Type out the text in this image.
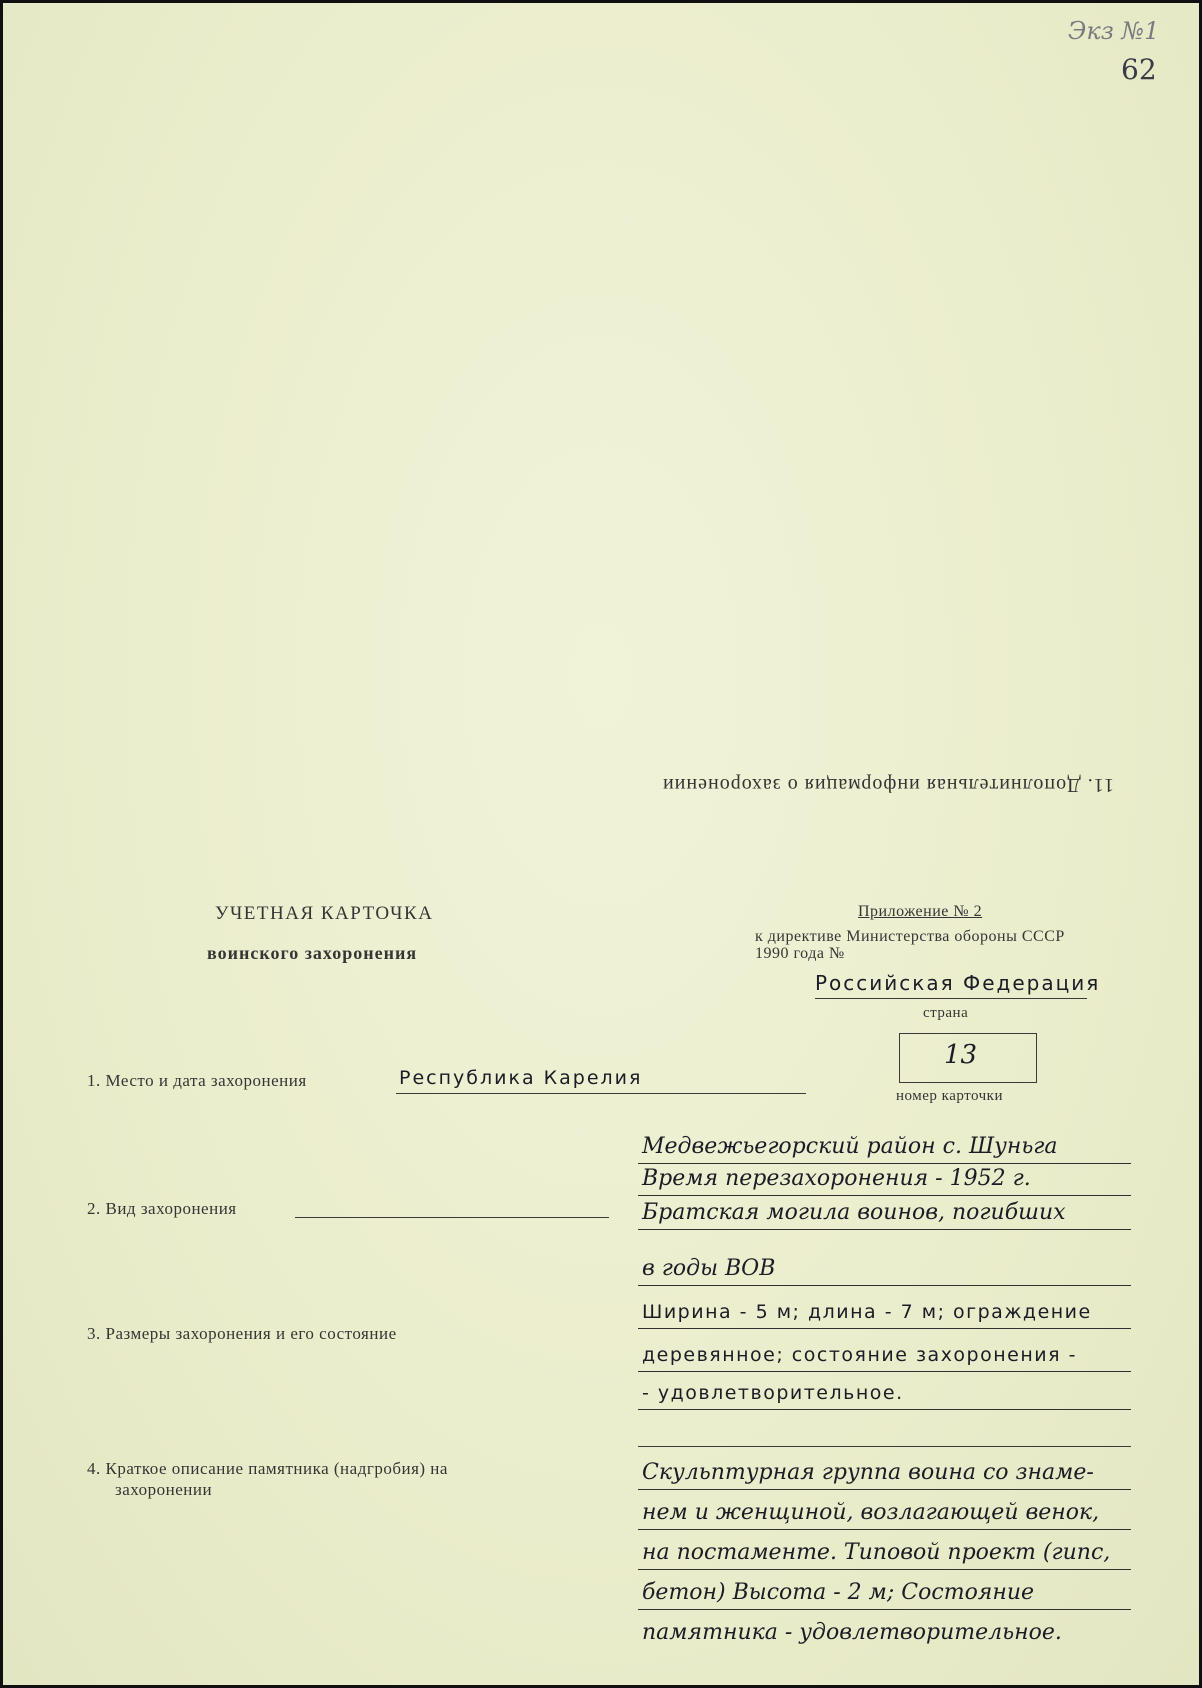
Экз №1
62
11. Дополнительная информация о захоронении
УЧЕТНАЯ КАРТОЧКА
воинского захоронения
Приложение № 2
к директиве Министерства обороны СССР
1990 года №
Российская Федерация
страна
13
номер карточки
1. Место и дата захоронения	Республика Карелия
Медвежьегорский район с. Шуньга
Время перезахоронения - 1952 г.
2. Вид захоронения	Братская могила воинов, погибших
в годы ВОВ
3. Размеры захоронения и его состояние
Ширина - 5 м; длина - 7 м; ограждение
деревянное; состояние захоронения -
- удовлетворительное.
4. Краткое описание памятника (надгробия) на
захоронении
Скульптурная группа воина со знаме-
нем и женщиной, возлагающей венок,
на постаменте. Типовой проект (гипс,
бетон) Высота - 2 м; Состояние
памятника - удовлетворительное.
